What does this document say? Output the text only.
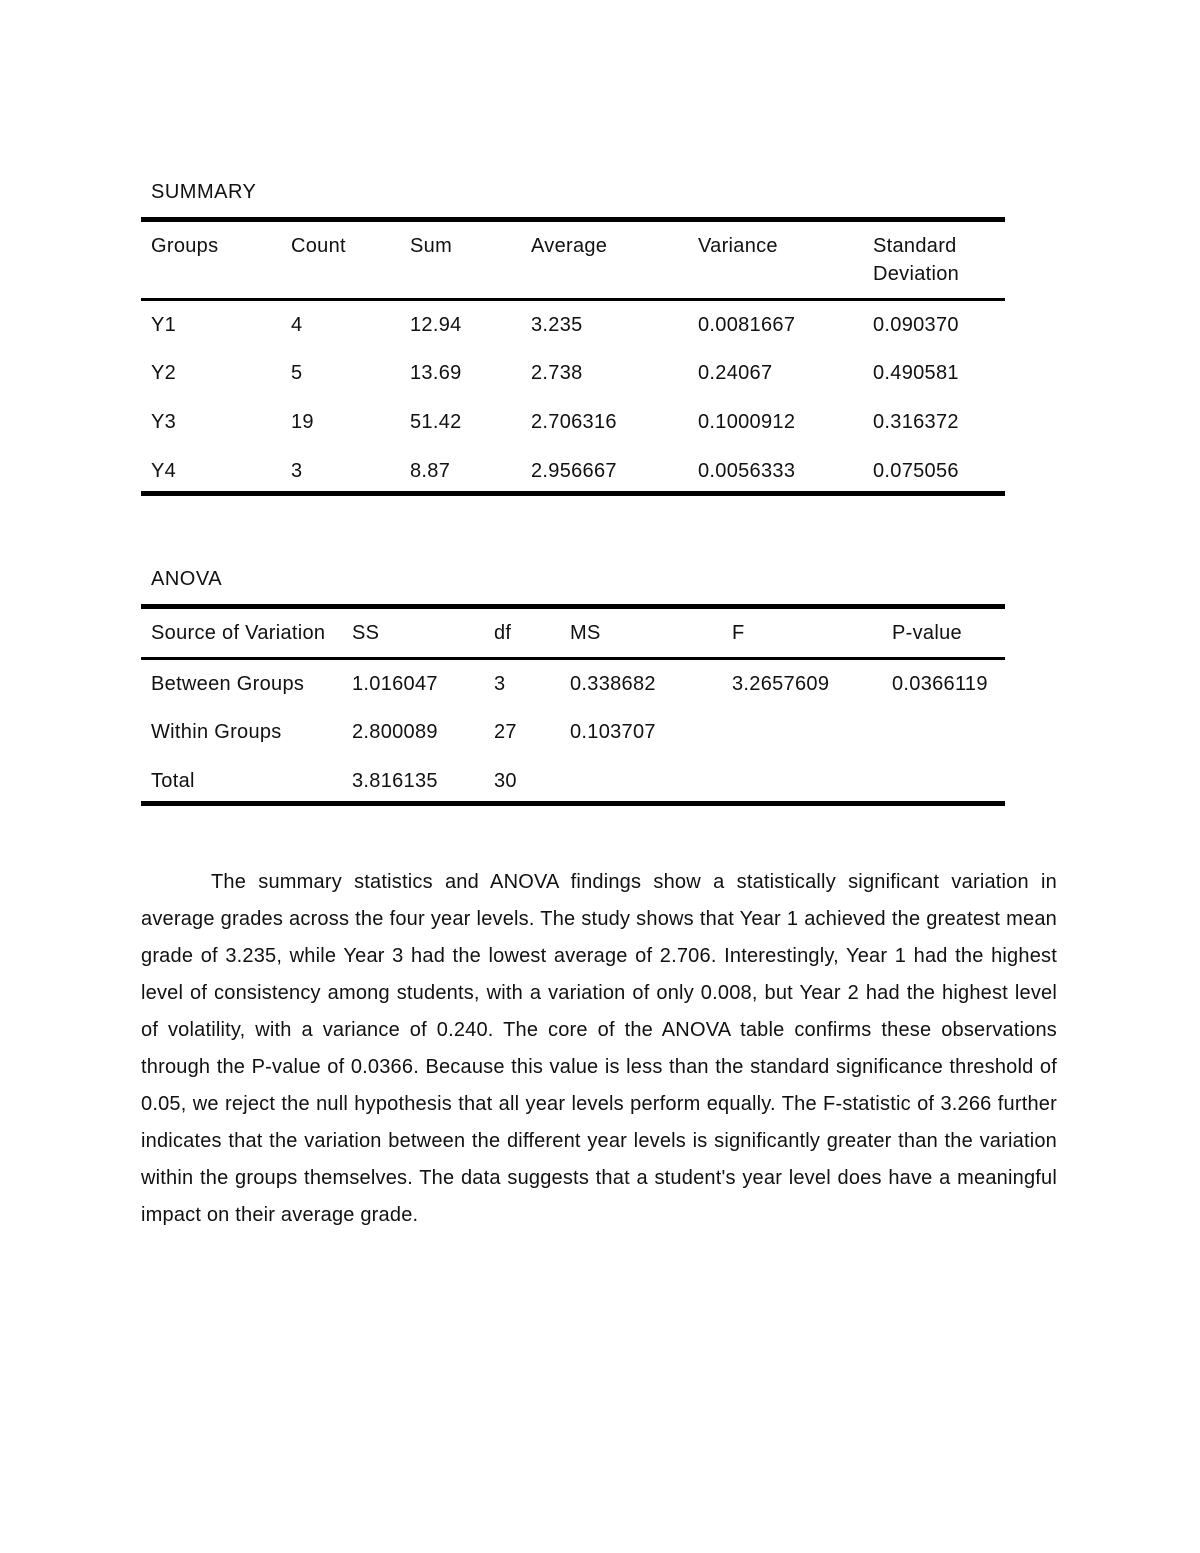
SUMMARY
Groups	Count	Sum	Average	Variance	Standard Deviation
Y1	4	12.94	3.235	0.0081667	0.090370
Y2	5	13.69	2.738	0.24067	0.490581
Y3	19	51.42	2.706316	0.1000912	0.316372
Y4	3	8.87	2.956667	0.0056333	0.075056
ANOVA
Source of Variation	SS	df	MS	F	P-value
Between Groups	1.016047	3	0.338682	3.2657609	0.0366119
Within Groups	2.800089	27	0.103707		
Total	3.816135	30			

The summary statistics and ANOVA findings show a statistically significant variation in average grades across the four year levels. The study shows that Year 1 achieved the greatest mean grade of 3.235, while Year 3 had the lowest average of 2.706. Interestingly, Year 1 had the highest level of consistency among students, with a variation of only 0.008, but Year 2 had the highest level of volatility, with a variance of 0.240. The core of the ANOVA table confirms these observations through the P-value of 0.0366. Because this value is less than the standard significance threshold of 0.05, we reject the null hypothesis that all year levels perform equally. The F-statistic of 3.266 further indicates that the variation between the different year levels is significantly greater than the variation within the groups themselves. The data suggests that a student's year level does have a meaningful impact on their average grade.
